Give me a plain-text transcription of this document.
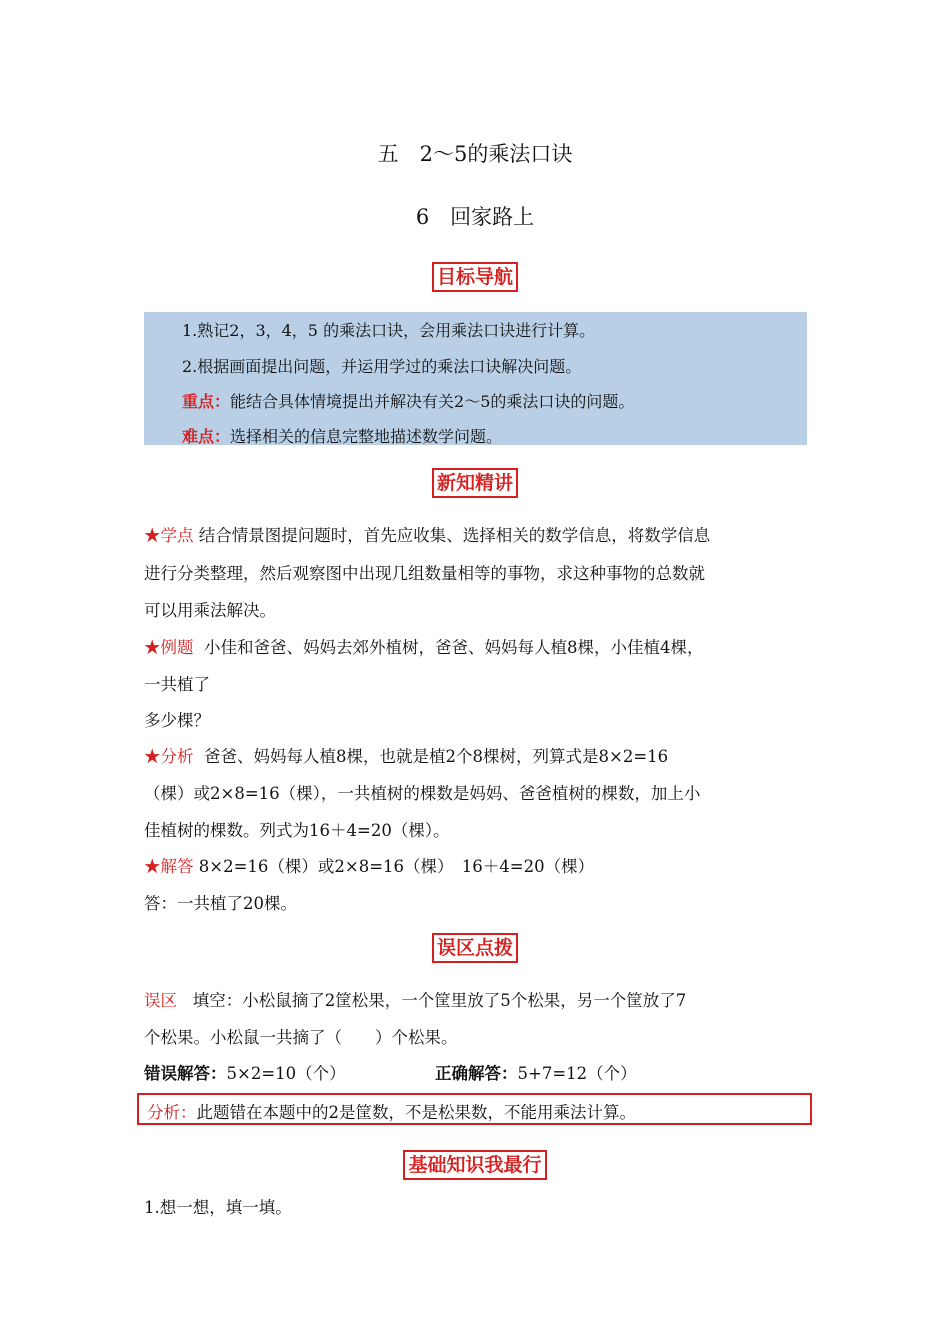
五　2～5的乘法口诀
6　回家路上
目标导航
1.熟记2，3，4，5 的乘法口诀，会用乘法口诀进行计算。
2.根据画面提出问题，并运用学过的乘法口诀解决问题。
重点：能结合具体情境提出并解决有关2～5的乘法口诀的问题。
难点：选择相关的信息完整地描述数学问题。
新知精讲
★学点 结合情景图提问题时，首先应收集、选择相关的数学信息，将数学信息
进行分类整理，然后观察图中出现几组数量相等的事物，求这种事物的总数就
可以用乘法解决。
★例题 小佳和爸爸、妈妈去郊外植树，爸爸、妈妈每人植8棵，小佳植4棵，
一共植了
多少棵？
★分析 爸爸、妈妈每人植8棵，也就是植2个8棵树，列算式是8×2=16
（棵）或2×8=16（棵），一共植树的棵数是妈妈、爸爸植树的棵数，加上小
佳植树的棵数。列式为16＋4=20（棵）。
★解答 8×2=16（棵）或2×8=16（棵）　16＋4=20（棵）
答：一共植了20棵。
误区点拨
误区 填空：小松鼠摘了2筐松果，一个筐里放了5个松果，另一个筐放了7
个松果。小松鼠一共摘了（　　）个松果。
错误解答：5×2=10（个）	正确解答：5+7=12（个）
分析：此题错在本题中的2是筐数，不是松果数，不能用乘法计算。
基础知识我最行
1.想一想，填一填。
